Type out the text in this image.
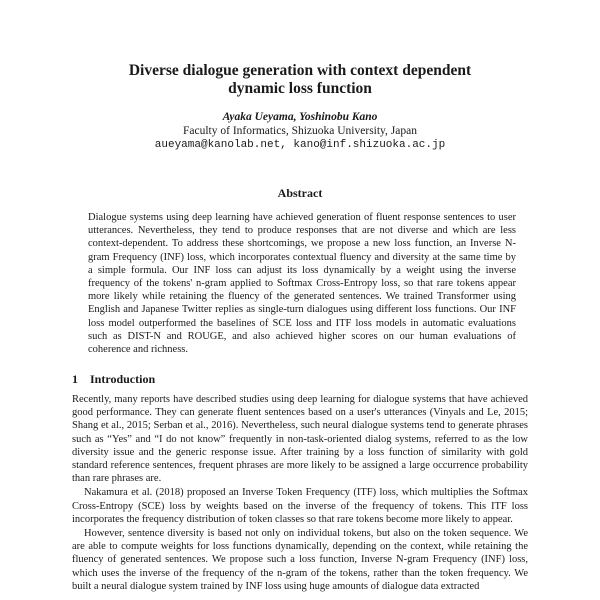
Diverse dialogue generation with context dependent
dynamic loss function
Ayaka Ueyama, Yoshinobu Kano
Faculty of Informatics, Shizuoka University, Japan
aueyama@kanolab.net, kano@inf.shizuoka.ac.jp
Abstract

Dialogue systems using deep learning have achieved generation of fluent response sentences to user utterances. Nevertheless, they tend to produce responses that are not diverse and which are less context-dependent. To address these shortcomings, we propose a new loss function, an Inverse N-gram Frequency (INF) loss, which incorporates contextual fluency and diversity at the same time by a simple formula. Our INF loss can adjust its loss dynamically by a weight using the inverse frequency of the tokens' n-gram applied to Softmax Cross-Entropy loss, so that rare tokens appear more likely while retaining the fluency of the generated sentences. We trained Transformer using English and Japanese Twitter replies as single-turn dialogues using different loss functions. Our INF loss model outperformed the baselines of SCE loss and ITF loss models in automatic evaluations such as DIST-N and ROUGE, and also achieved higher scores on our human evaluations of coherence and richness.

1 Introduction

Recently, many reports have described studies using deep learning for dialogue systems that have achieved good performance. They can generate fluent sentences based on a user's utterances (Vinyals and Le, 2015; Shang et al., 2015; Serban et al., 2016). Nevertheless, such neural dialogue systems tend to generate phrases such as “Yes” and “I do not know” frequently in non-task-oriented dialog systems, referred to as the low diversity issue and the generic response issue. After training by a loss function of similarity with gold standard reference sentences, frequent phrases are more likely to be assigned a large occurrence probability than rare phrases are.

Nakamura et al. (2018) proposed an Inverse Token Frequency (ITF) loss, which multiplies the Softmax Cross-Entropy (SCE) loss by weights based on the inverse of the frequency of tokens. This ITF loss incorporates the frequency distribution of token classes so that rare tokens become more likely to appear.

However, sentence diversity is based not only on individual tokens, but also on the token sequence. We are able to compute weights for loss functions dynamically, depending on the context, while retaining the fluency of generated sentences. We propose such a loss function, Inverse N-gram Frequency (INF) loss, which uses the inverse of the frequency of the n-gram of the tokens, rather than the token frequency. We built a neural dialogue system trained by INF loss using huge amounts of dialogue data extracted
